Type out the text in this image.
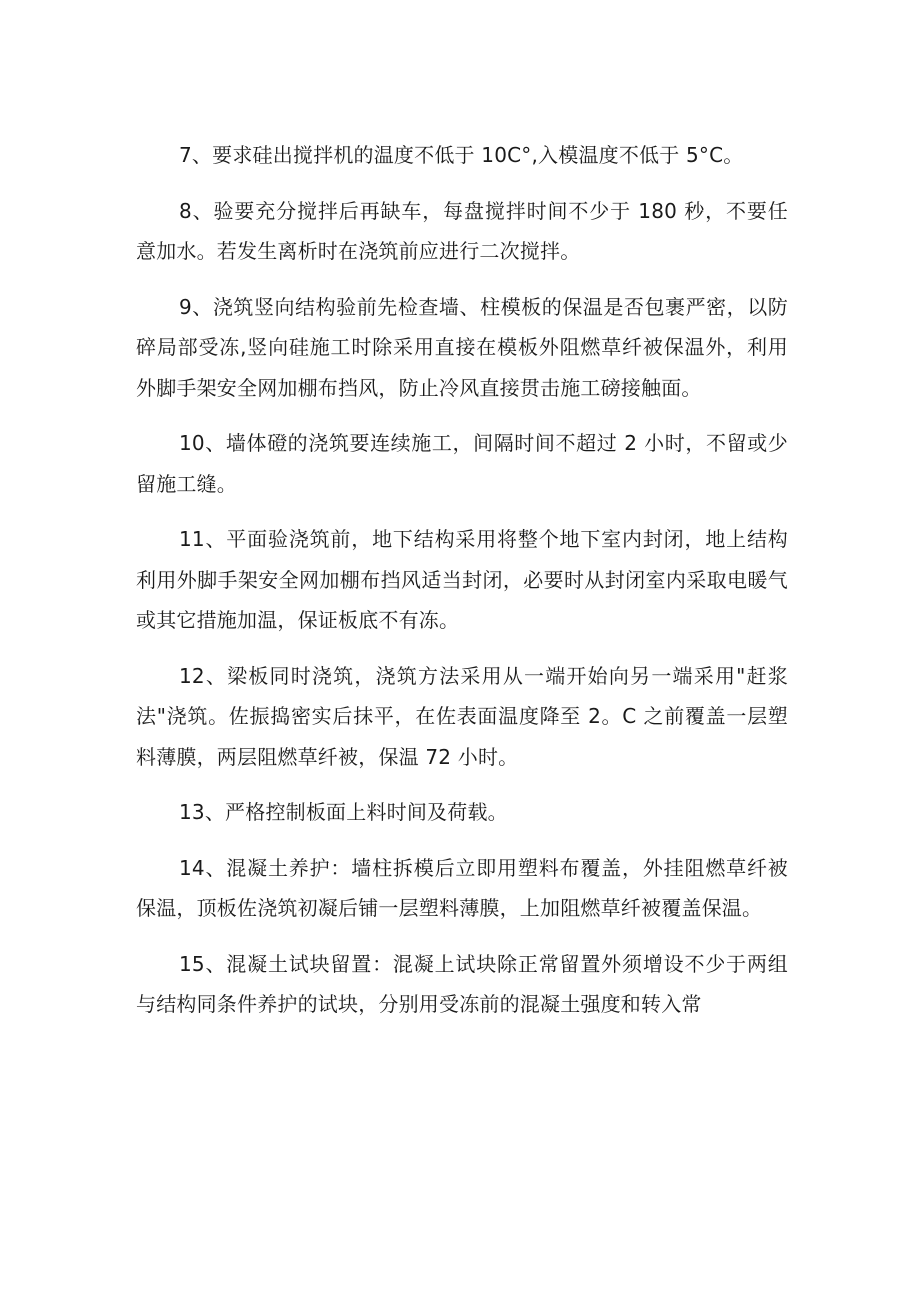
7、要求硅出搅拌机的温度不低于 10C°,入模温度不低于 5°C。

8、验要充分搅拌后再缺车，每盘搅拌时间不少于 180 秒，不要任意加水。若发生离析时在浇筑前应进行二次搅拌。

9、浇筑竖向结构验前先检查墙、柱模板的保温是否包裹严密，以防碎局部受冻,竖向硅施工时除采用直接在模板外阻燃草纤被保温外，利用外脚手架安全网加棚布挡风，防止冷风直接贯击施工磅接触面。

10、墙体磴的浇筑要连续施工，间隔时间不超过 2 小时，不留或少留施工缝。

11、平面验浇筑前，地下结构采用将整个地下室内封闭，地上结构利用外脚手架安全网加棚布挡风适当封闭，必要时从封闭室内采取电暖气或其它措施加温，保证板底不有冻。

12、梁板同时浇筑，浇筑方法采用从一端开始向另一端采用"赶浆法"浇筑。佐振捣密实后抹平，在佐表面温度降至 2。C 之前覆盖一层塑料薄膜，两层阻燃草纤被，保温 72 小时。

13、严格控制板面上料时间及荷载。

14、混凝土养护：墙柱拆模后立即用塑料布覆盖，外挂阻燃草纤被保温，顶板佐浇筑初凝后铺一层塑料薄膜，上加阻燃草纤被覆盖保温。

15、混凝土试块留置：混凝上试块除正常留置外须增设不少于两组与结构同条件养护的试块，分别用受冻前的混凝土强度和转入常
